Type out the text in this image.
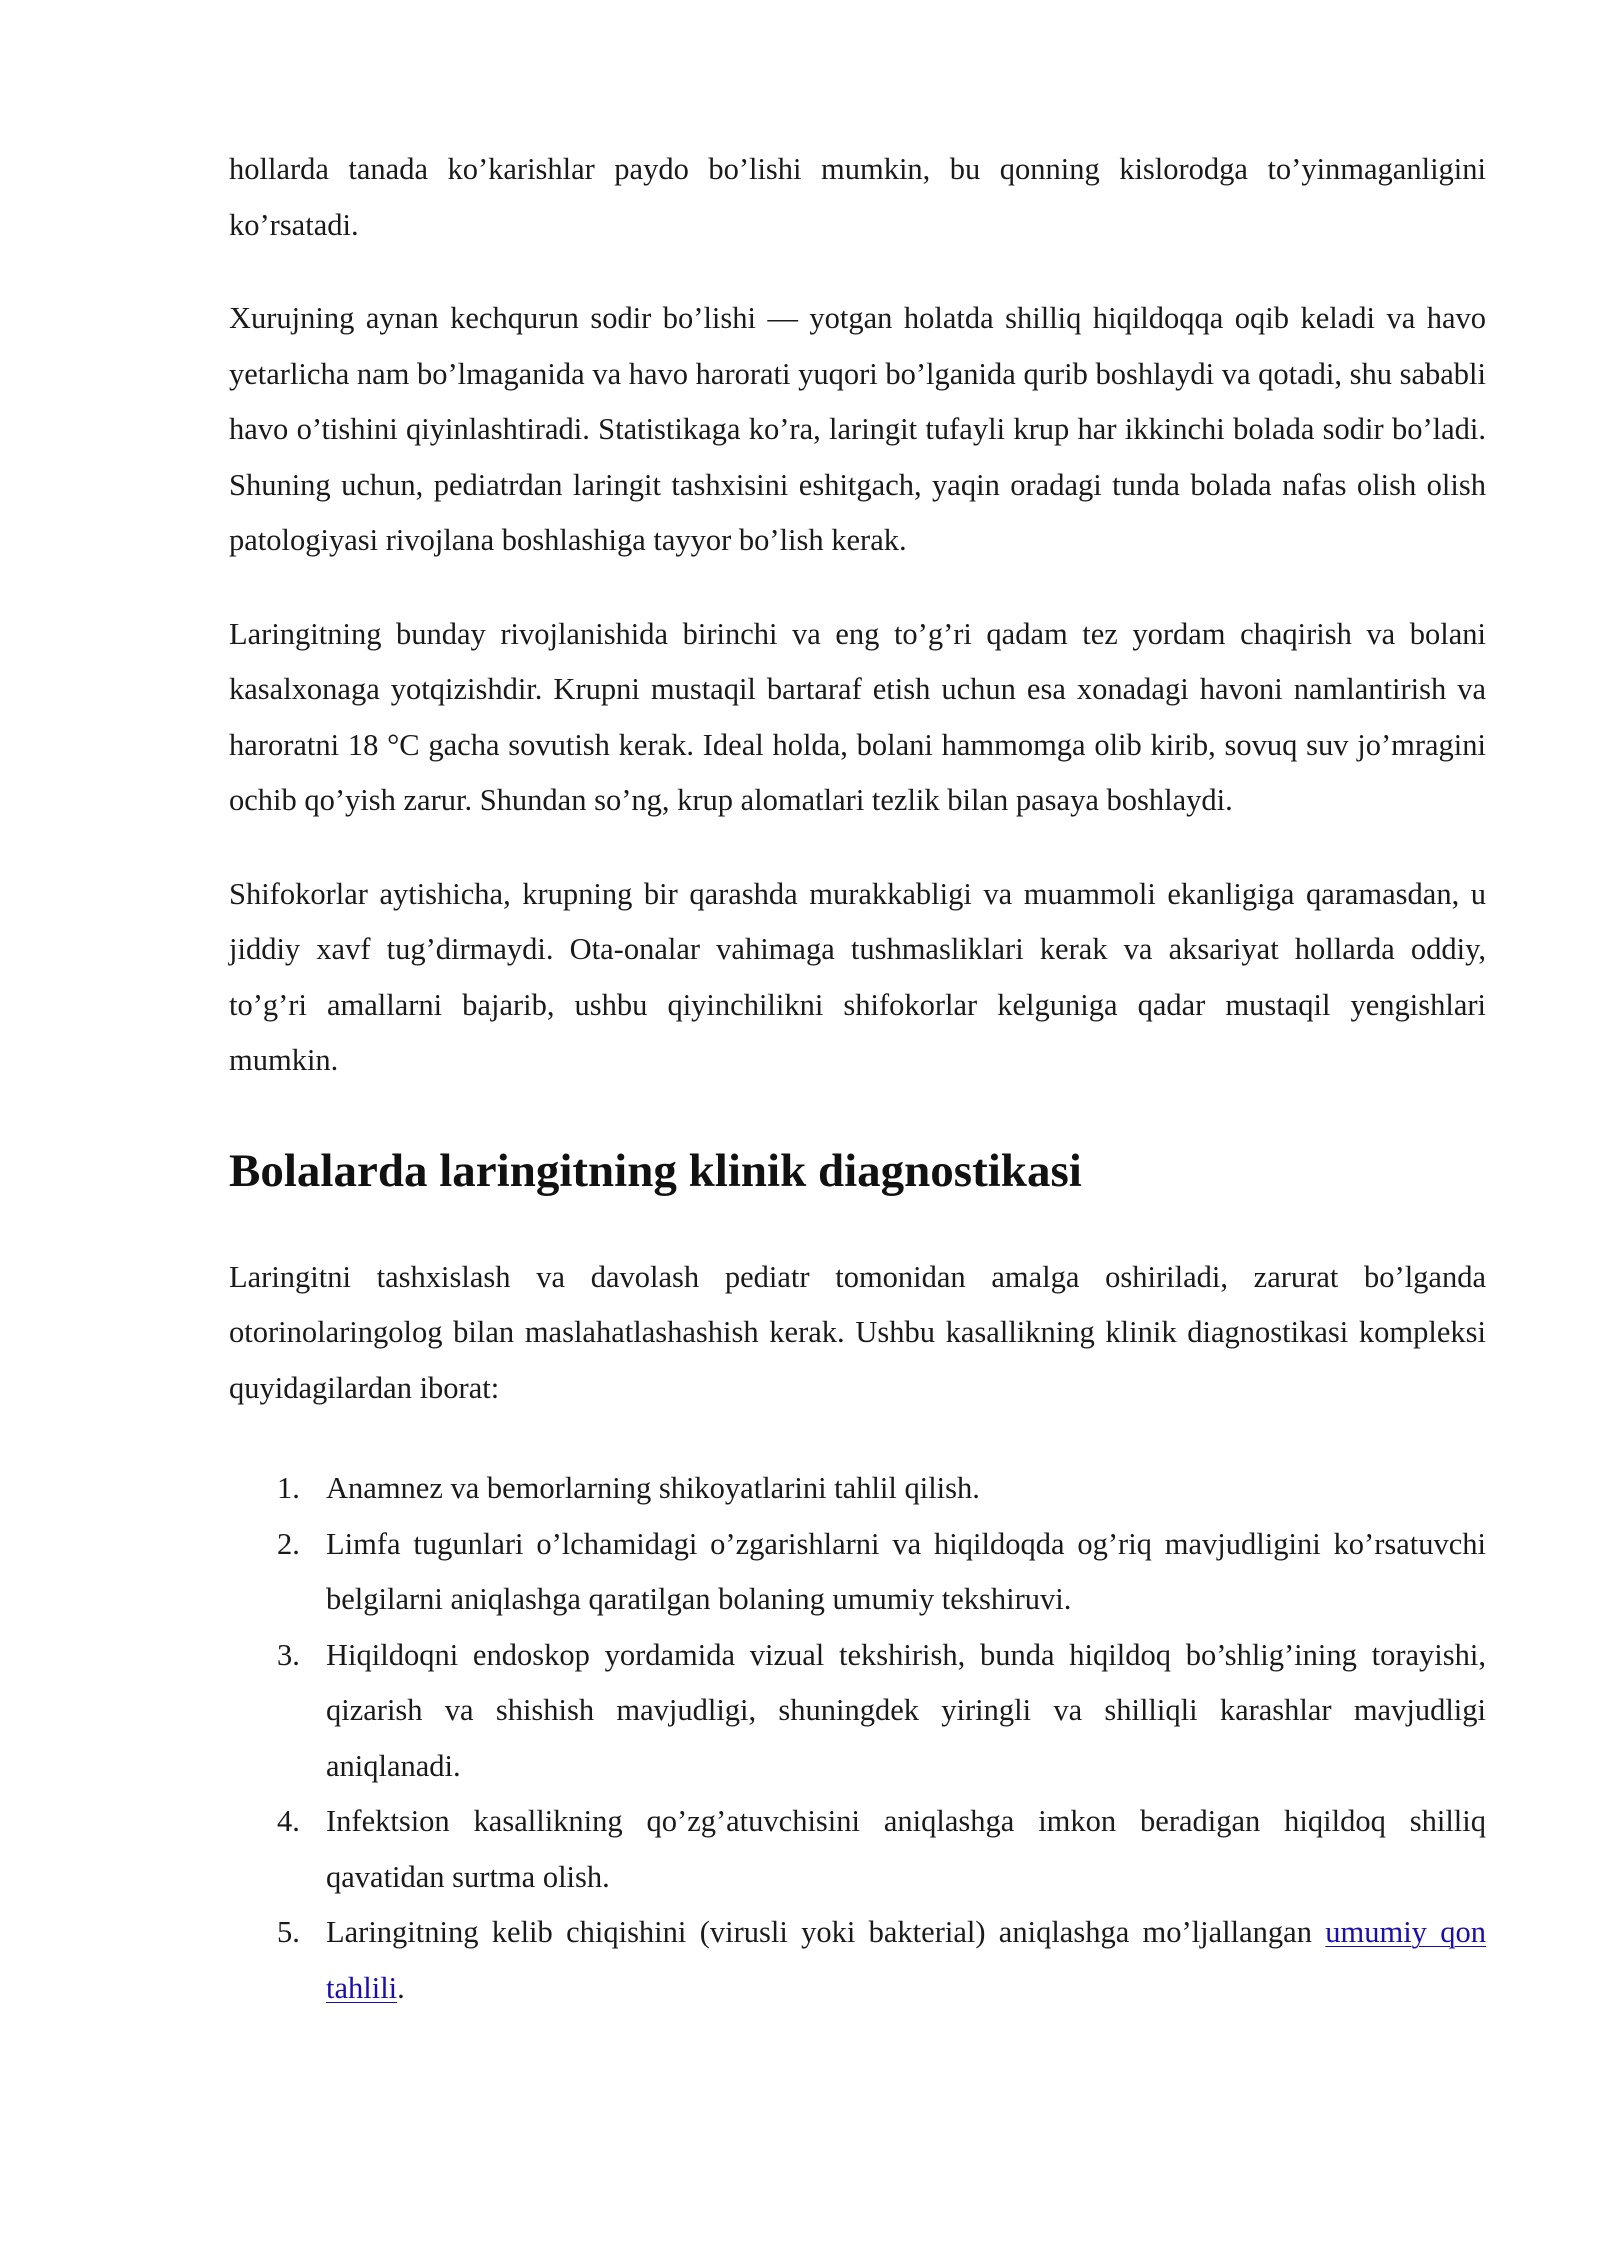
hollarda tanada ko’karishlar paydo bo’lishi mumkin, bu qonning kislorodga to’yinmaganligini ko’rsatadi.

Xurujning aynan kechqurun sodir bo’lishi — yotgan holatda shilliq hiqildoqqa oqib keladi va havo yetarlicha nam bo’lmaganida va havo harorati yuqori bo’lganida qurib boshlaydi va qotadi, shu sababli havo o’tishini qiyinlashtiradi. Statistikaga ko’ra, laringit tufayli krup har ikkinchi bolada sodir bo’ladi. Shuning uchun, pediatrdan laringit tashxisini eshitgach, yaqin oradagi tunda bolada nafas olish olish patologiyasi rivojlana boshlashiga tayyor bo’lish kerak.

Laringitning bunday rivojlanishida birinchi va eng to’g’ri qadam tez yordam chaqirish va bolani kasalxonaga yotqizishdir. Krupni mustaqil bartaraf etish uchun esa xonadagi havoni namlantirish va haroratni 18 °C gacha sovutish kerak. Ideal holda, bolani hammomga olib kirib, sovuq suv jo’mragini ochib qo’yish zarur. Shundan so’ng, krup alomatlari tezlik bilan pasaya boshlaydi.

Shifokorlar aytishicha, krupning bir qarashda murakkabligi va muammoli ekanligiga qaramasdan, u jiddiy xavf tug’dirmaydi. Ota-onalar vahimaga tushmasliklari kerak va aksariyat hollarda oddiy, to’g’ri amallarni bajarib, ushbu qiyinchilikni shifokorlar kelguniga qadar mustaqil yengishlari mumkin.

Bolalarda laringitning klinik diagnostikasi

Laringitni tashxislash va davolash pediatr tomonidan amalga oshiriladi, zarurat bo’lganda otorinolaringolog bilan maslahatlashashish kerak. Ushbu kasallikning klinik diagnostikasi kompleksi quyidagilardan iborat:

1. Anamnez va bemorlarning shikoyatlarini tahlil qilish.
2. Limfa tugunlari o’lchamidagi o’zgarishlarni va hiqildoqda og’riq mavjudligini ko’rsatuvchi belgilarni aniqlashga qaratilgan bolaning umumiy tekshiruvi.
3. Hiqildoqni endoskop yordamida vizual tekshirish, bunda hiqildoq bo’shlig’ining torayishi, qizarish va shishish mavjudligi, shuningdek yiringli va shilliqli karashlar mavjudligi aniqlanadi.
4. Infektsion kasallikning qo’zg’atuvchisini aniqlashga imkon beradigan hiqildoq shilliq qavatidan surtma olish.
5. Laringitning kelib chiqishini (virusli yoki bakterial) aniqlashga mo’ljallangan umumiy qon tahlili.
